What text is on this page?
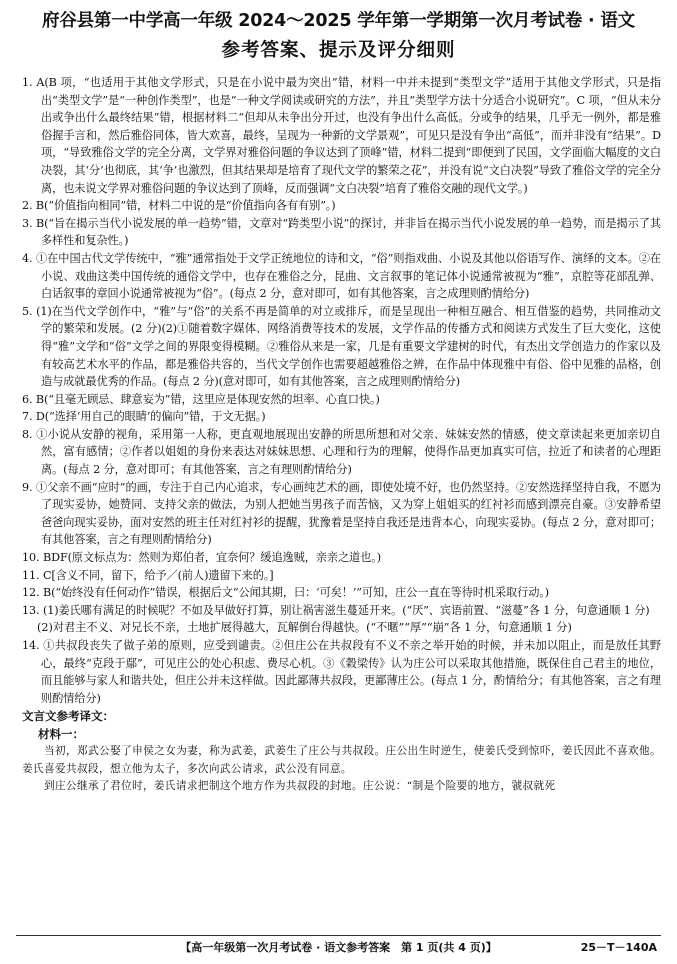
府谷县第一中学高一年级 2024～2025 学年第一学期第一次月考试卷 · 语文
参考答案、提示及评分细则

1. A(B 项，“也适用于其他文学形式，只是在小说中最为突出”错，材料一中并未提到“类型文学”适用于其他文学形式，只是指出“类型文学”是“一种创作类型”，也是“一种文学阅读或研究的方法”，并且“类型学方法十分适合小说研究”。C 项，“但从未分出或争出什么最终结果”错，根据材料二“但却从未争出分开过，也没有争出什么高低。分或争的结果，几乎无一例外，都是雅俗握手言和，然后雅俗同体，皆大欢喜，最终，呈现为一种新的文学景观”，可见只是没有争出“高低”，而并非没有“结果”。D 项，“导致雅俗文学的完全分离，文学界对雅俗问题的争议达到了顶峰”错，材料二提到“即便到了民国，文学面临大幅度的文白决裂，其‘分’也彻底，其‘争’也激烈，但其结果却是培育了现代文学的繁荣之花”，并没有说“文白决裂”导致了雅俗文学的完全分离，也未说文学界对雅俗问题的争议达到了顶峰，反而强调“文白决裂”培育了雅俗交融的现代文学。)

2. B(“价值指向相同”错，材料二中说的是“价值指向各有有别”。)

3. B(“旨在揭示当代小说发展的单一趋势”错，文章对“跨类型小说”的探讨，并非旨在揭示当代小说发展的单一趋势，而是揭示了其多样性和复杂性。)

4. ①在中国古代文学传统中，“雅”通常指处于文学正统地位的诗和文，“俗”则指戏曲、小说及其他以俗语写作、演绎的文本。②在小说、戏曲这类中国传统的通俗文学中，也存在雅俗之分，昆曲、文言叙事的笔记体小说通常被视为“雅”，京腔等花部乱弹、白话叙事的章回小说通常被视为“俗”。(每点 2 分，意对即可，如有其他答案，言之成理则酌情给分)

5. (1)在当代文学创作中，“雅”与“俗”的关系不再是简单的对立或排斥，而是呈现出一种相互融合、相互借鉴的趋势，共同推动文学的繁荣和发展。(2 分)(2)①随着数字媒体、网络消费等技术的发展，文学作品的传播方式和阅读方式发生了巨大变化，这使得“雅”文学和“俗”文学之间的界限变得模糊。②雅俗从来是一家，几是有重要文学建树的时代，有杰出文学创造力的作家以及有较高艺术水平的作品，都是雅俗共容的，当代文学创作也需要超越雅俗之辨，在作品中体现雅中有俗、俗中见雅的品格，创造与成就最优秀的作品。(每点 2 分)(意对即可，如有其他答案，言之成理则酌情给分)

6. B(“且毫无顾忌、肆意妄为”错，这里应是体现安然的坦率、心直口快。)

7. D(“选择‘用自己的眼睛’的偏向”错，于文无据。)

8. ①小说从安静的视角，采用第一人称，更直观地展现出安静的所思所想和对父亲、妹妹安然的情感，使文章读起来更加亲切自然，富有感情；②作者以姐姐的身份来表达对妹妹思想、心理和行为的理解，使得作品更加真实可信，拉近了和读者的心理距离。(每点 2 分，意对即可；有其他答案，言之有理则酌情给分)

9. ①父亲不画“应时”的画，专注于自己内心追求，专心画纯艺术的画，即使处境不好，也仍然坚持。②安然选择坚持自我，不愿为了现实妥协，她赞同、支持父亲的做法，为别人把她当男孩子而苦恼，又为穿上姐姐买的红衬衫而感到漂亮自豪。③安静希望爸爸向现实妥协，面对安然的班主任对红衬衫的提醒，犹豫着是坚持自我还是违背本心，向现实妥协。(每点 2 分，意对即可；有其他答案，言之有理则酌情给分)

10. BDF(原文标点为：然则为郑伯者，宜奈何？缓追逸贼，亲亲之道也。)

11. C[含义不同，留下，给予／(前人)遗留下来的。]

12. B(“始终没有任何动作”错误，根据后文“公闻其期，曰：‘可矣！’”可知，庄公一直在等待时机采取行动。)

13. (1)姜氏哪有满足的时候呢？不如及早做好打算，别让祸害滋生蔓延开来。(“厌”、宾语前置、“滋蔓”各 1 分，句意通顺 1 分)

(2)对君主不义、对兄长不亲，土地扩展得越大，瓦解倒台得越快。(“不暱”“厚”“崩”各 1 分，句意通顺 1 分)

14. ①共叔段丧失了做子弟的原则，应受到谴责。②但庄公在共叔段有不义不亲之举开始的时候，并未加以阻止，而是放任其野心，最终“克段于鄢”，可见庄公的处心积虑、费尽心机。③《穀梁传》认为庄公可以采取其他措施，既保住自己君主的地位，而且能够与家人和谐共处，但庄公并未这样做。因此鄙薄共叔段，更鄙薄庄公。(每点 1 分，酌情给分；有其他答案，言之有理则酌情给分)

文言文参考译文：

材料一：

当初，郑武公娶了申侯之女为妻，称为武姜，武姜生了庄公与共叔段。庄公出生时逆生，使姜氏受到惊吓，姜氏因此不喜欢他。姜氏喜爱共叔段，想立他为太子，多次向武公请求，武公没有同意。

到庄公继承了君位时，姜氏请求把制这个地方作为共叔段的封地。庄公说：“制是个险要的地方，虢叔就死

【高一年级第一次月考试卷 · 语文参考答案　第 1 页(共 4 页)】	25－T－140A
